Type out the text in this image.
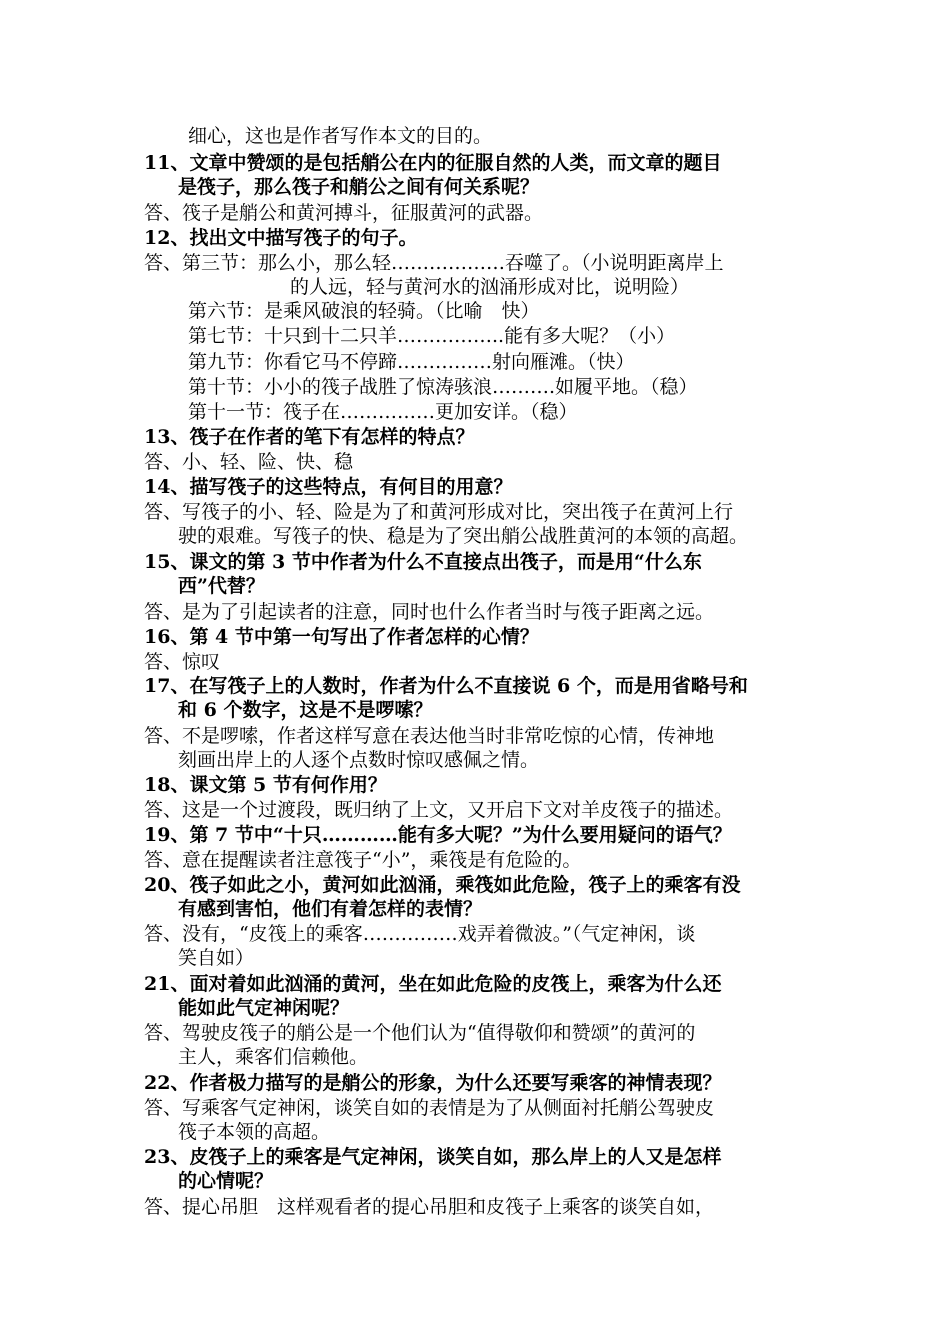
细心，这也是作者写作本文的目的。
11、文章中赞颂的是包括艄公在内的征服自然的人类，而文章的题目
是筏子，那么筏子和艄公之间有何关系呢？
答、筏子是艄公和黄河搏斗，征服黄河的武器。
12、找出文中描写筏子的句子。
答、第三节：那么小，那么轻………………吞噬了。（小说明距离岸上
的人远，轻与黄河水的汹涌形成对比，说明险）
第六节：是乘风破浪的轻骑。（比喻　快）
第七节：十只到十二只羊……………..能有多大呢？（小）
第九节：你看它马不停蹄……………射向雁滩。（快）
第十节：小小的筏子战胜了惊涛骇浪……….如履平地。（稳）
第十一节：筏子在……………更加安详。（稳）
13、筏子在作者的笔下有怎样的特点？
答、小、轻、险、快、稳
14、描写筏子的这些特点，有何目的用意？
答、写筏子的小、轻、险是为了和黄河形成对比，突出筏子在黄河上行
驶的艰难。写筏子的快、稳是为了突出艄公战胜黄河的本领的高超。
15、课文的第 3 节中作者为什么不直接点出筏子，而是用“什么东
西”代替？
答、是为了引起读者的注意，同时也什么作者当时与筏子距离之远。
16、第 4 节中第一句写出了作者怎样的心情？
答、惊叹
17、在写筏子上的人数时，作者为什么不直接说 6 个，而是用省略号和
和 6 个数字，这是不是啰嗦？
答、不是啰嗦，作者这样写意在表达他当时非常吃惊的心情，传神地
刻画出岸上的人逐个点数时惊叹感佩之情。
18、课文第 5 节有何作用？
答、这是一个过渡段，既归纳了上文，又开启下文对羊皮筏子的描述。
19、第 7 节中“十只…………能有多大呢？”为什么要用疑问的语气？
答、意在提醒读者注意筏子“小”，乘筏是有危险的。
20、筏子如此之小，黄河如此汹涌，乘筏如此危险，筏子上的乘客有没
有感到害怕，他们有着怎样的表情？
答、没有，“皮筏上的乘客……………戏弄着微波。”（气定神闲，谈
笑自如）
21、面对着如此汹涌的黄河，坐在如此危险的皮筏上，乘客为什么还
能如此气定神闲呢？
答、驾驶皮筏子的艄公是一个他们认为“值得敬仰和赞颂”的黄河的
主人，乘客们信赖他。
22、作者极力描写的是艄公的形象，为什么还要写乘客的神情表现？
答、写乘客气定神闲，谈笑自如的表情是为了从侧面衬托艄公驾驶皮
筏子本领的高超。
23、皮筏子上的乘客是气定神闲，谈笑自如，那么岸上的人又是怎样
的心情呢？
答、提心吊胆　这样观看者的提心吊胆和皮筏子上乘客的谈笑自如，
